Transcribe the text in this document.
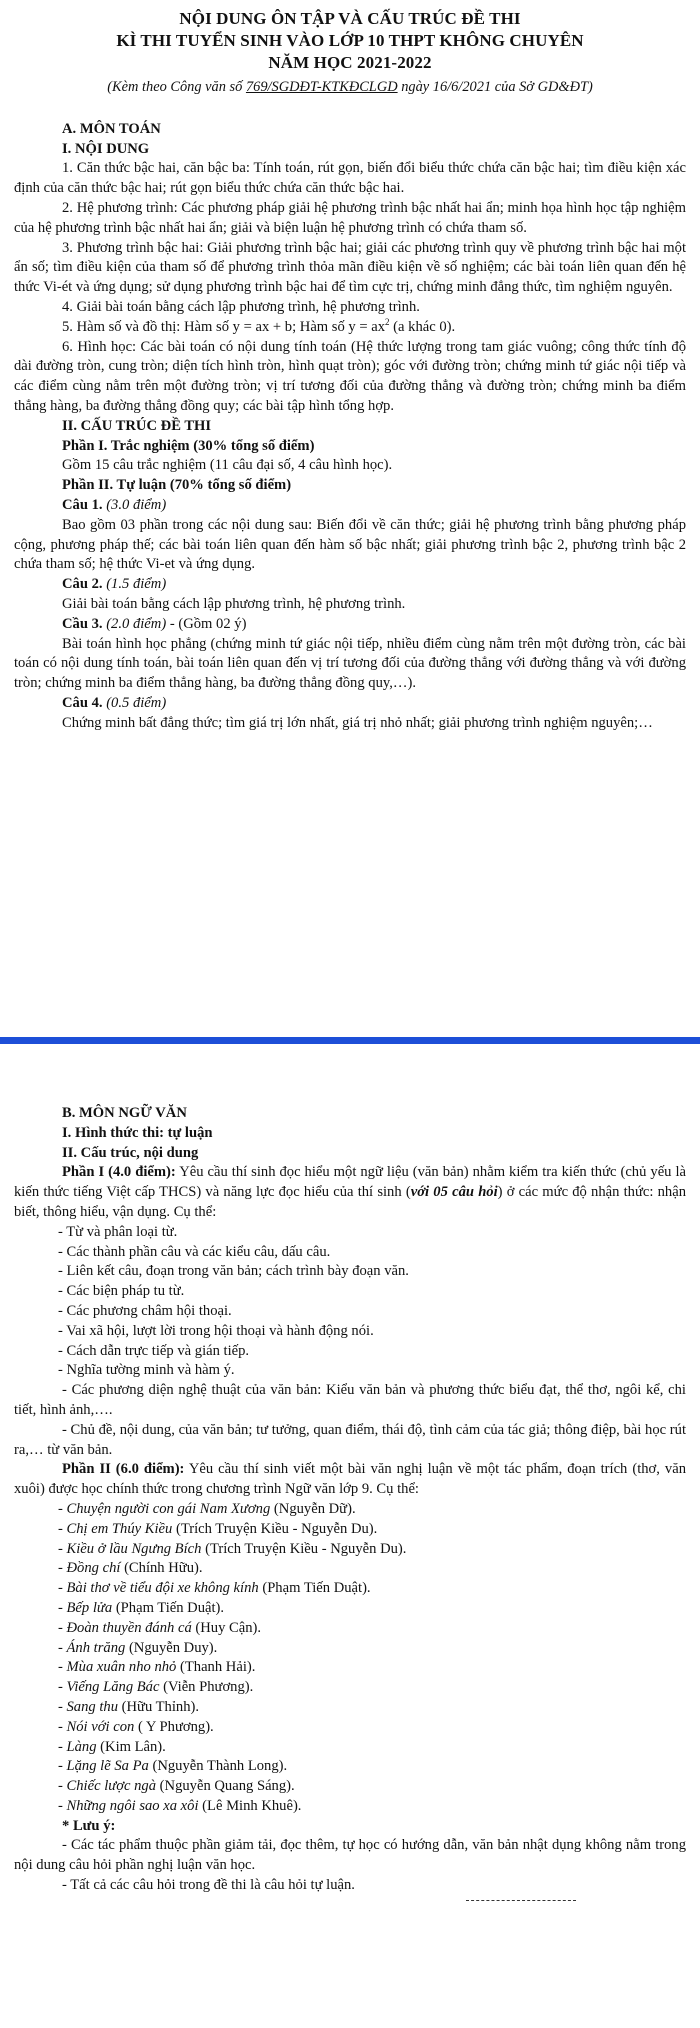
NỘI DUNG ÔN TẬP VÀ CẤU TRÚC ĐỀ THI
KÌ THI TUYỂN SINH VÀO LỚP 10 THPT KHÔNG CHUYÊN
NĂM HỌC 2021-2022
(Kèm theo Công văn số 769/SGDĐT-KTKĐCLGD ngày 16/6/2021 của Sở GD&ĐT)

A. MÔN TOÁN

I. NỘI DUNG

1. Căn thức bậc hai, căn bậc ba: Tính toán, rút gọn, biến đổi biểu thức chứa căn bậc hai; tìm điều kiện xác định của căn thức bậc hai; rút gọn biểu thức chứa căn thức bậc hai.

2. Hệ phương trình: Các phương pháp giải hệ phương trình bậc nhất hai ẩn; minh họa hình học tập nghiệm của hệ phương trình bậc nhất hai ẩn; giải và biện luận hệ phương trình có chứa tham số.

3. Phương trình bậc hai: Giải phương trình bậc hai; giải các phương trình quy về phương trình bậc hai một ẩn số; tìm điều kiện của tham số để phương trình thỏa mãn điều kiện về số nghiệm; các bài toán liên quan đến hệ thức Vi-ét và ứng dụng; sử dụng phương trình bậc hai để tìm cực trị, chứng minh đẳng thức, tìm nghiệm nguyên.

4. Giải bài toán bằng cách lập phương trình, hệ phương trình.

5. Hàm số và đồ thị: Hàm số y = ax + b; Hàm số $y = ax^2$ (a khác 0).

6. Hình học: Các bài toán có nội dung tính toán (Hệ thức lượng trong tam giác vuông; công thức tính độ dài đường tròn, cung tròn; diện tích hình tròn, hình quạt tròn); góc với đường tròn; chứng minh tứ giác nội tiếp và các điểm cùng nằm trên một đường tròn; vị trí tương đối của đường thẳng và đường tròn; chứng minh ba điểm thẳng hàng, ba đường thẳng đồng quy; các bài tập hình tổng hợp.

II. CẤU TRÚC ĐỀ THI

Phần I. Trắc nghiệm (30% tổng số điểm)

Gồm 15 câu trắc nghiệm (11 câu đại số, 4 câu hình học).

Phần II. Tự luận (70% tổng số điểm)

Câu 1. (3.0 điểm)

Bao gồm 03 phần trong các nội dung sau: Biến đổi về căn thức; giải hệ phương trình bằng phương pháp cộng, phương pháp thế; các bài toán liên quan đến hàm số bậc nhất; giải phương trình bậc 2, phương trình bậc 2 chứa tham số; hệ thức Vi-et và ứng dụng.

Câu 2. (1.5 điểm)

Giải bài toán bằng cách lập phương trình, hệ phương trình.

Cầu 3. (2.0 điểm) - (Gồm 02 ý)

Bài toán hình học phẳng (chứng minh tứ giác nội tiếp, nhiều điểm cùng nằm trên một đường tròn, các bài toán có nội dung tính toán, bài toán liên quan đến vị trí tương đối của đường thẳng với đường thẳng và với đường tròn; chứng minh ba điểm thẳng hàng, ba đường thẳng đồng quy,…).

Câu 4. (0.5 điểm)

Chứng minh bất đẳng thức; tìm giá trị lớn nhất, giá trị nhỏ nhất; giải phương trình nghiệm nguyên;…

B. MÔN NGỮ VĂN

I. Hình thức thi: tự luận

II. Cấu trúc, nội dung

Phần I (4.0 điểm): Yêu cầu thí sinh đọc hiểu một ngữ liệu (văn bản) nhằm kiểm tra kiến thức (chủ yếu là kiến thức tiếng Việt cấp THCS) và năng lực đọc hiểu của thí sinh (với 05 câu hỏi) ở các mức độ nhận thức: nhận biết, thông hiểu, vận dụng. Cụ thể:

- Từ và phân loại từ.

- Các thành phần câu và các kiểu câu, dấu câu.

- Liên kết câu, đoạn trong văn bản; cách trình bày đoạn văn.

- Các biện pháp tu từ.

- Các phương châm hội thoại.

- Vai xã hội, lượt lời trong hội thoại và hành động nói.

- Cách dẫn trực tiếp và gián tiếp.

- Nghĩa tường minh và hàm ý.

- Các phương diện nghệ thuật của văn bản: Kiểu văn bản và phương thức biểu đạt, thể thơ, ngôi kể, chi tiết, hình ảnh,….

- Chủ đề, nội dung, của văn bản; tư tưởng, quan điểm, thái độ, tình cảm của tác giả; thông điệp, bài học rút ra,… từ văn bản.

Phần II (6.0 điểm): Yêu cầu thí sinh viết một bài văn nghị luận về một tác phẩm, đoạn trích (thơ, văn xuôi) được học chính thức trong chương trình Ngữ văn lớp 9. Cụ thể:

- Chuyện người con gái Nam Xương (Nguyễn Dữ).

- Chị em Thúy Kiều (Trích Truyện Kiều - Nguyễn Du).

- Kiều ở lầu Ngưng Bích (Trích Truyện Kiều - Nguyễn Du).

- Đồng chí (Chính Hữu).

- Bài thơ về tiểu đội xe không kính (Phạm Tiến Duật).

- Bếp lửa (Phạm Tiến Duật).

- Đoàn thuyền đánh cá (Huy Cận).

- Ánh trăng (Nguyễn Duy).

- Mùa xuân nho nhỏ (Thanh Hải).

- Viếng Lăng Bác (Viễn Phương).

- Sang thu (Hữu Thỉnh).

- Nói với con ( Y Phương).

- Làng (Kim Lân).

- Lặng lẽ Sa Pa (Nguyễn Thành Long).

- Chiếc lược ngà (Nguyễn Quang Sáng).

- Những ngôi sao xa xôi (Lê Minh Khuê).

* Lưu ý:

- Các tác phẩm thuộc phần giảm tải, đọc thêm, tự học có hướng dẫn, văn bản nhật dụng không nằm trong nội dung câu hỏi phần nghị luận văn học.

- Tất cả các câu hỏi trong đề thi là câu hỏi tự luận.
